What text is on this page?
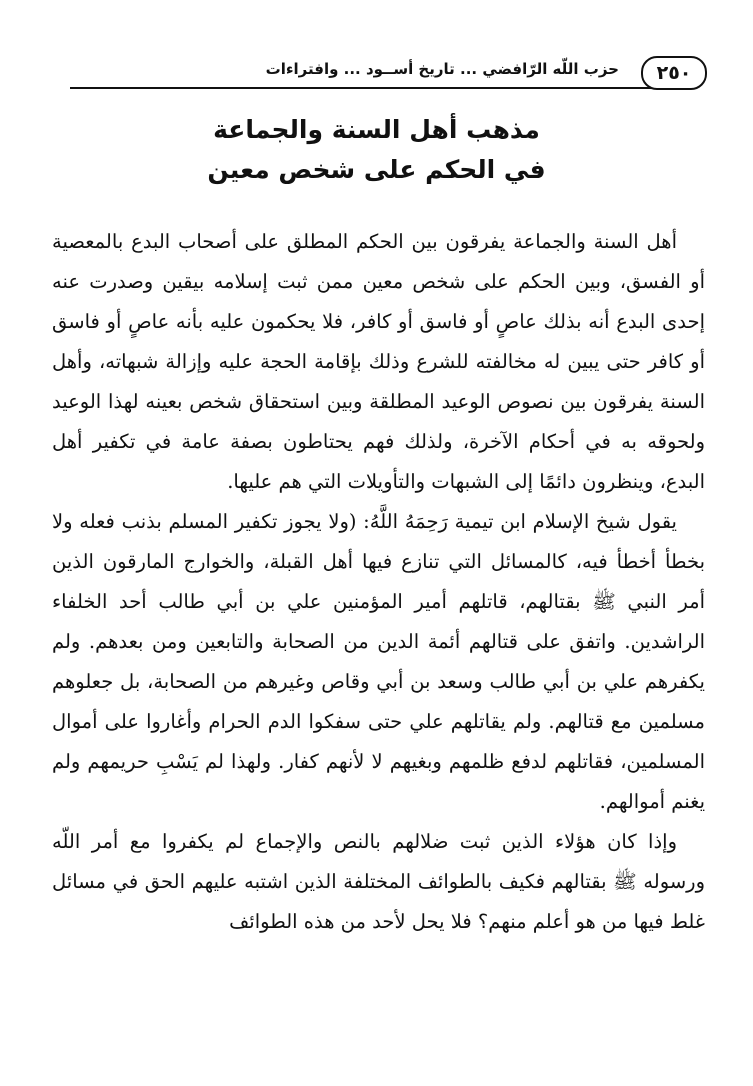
٢٥٠
حزب اللّه الرّافضي ... تاريخ أســود ... وافتراءات
مذهب أهل السنة والجماعة
في الحكم على شخص معين

أهل السنة والجماعة يفرقون بين الحكم المطلق على أصحاب البدع بالمعصية أو الفسق، وبين الحكم على شخص معين ممن ثبت إسلامه بيقين وصدرت عنه إحدى البدع أنه بذلك عاصٍ أو فاسق أو كافر، فلا يحكمون عليه بأنه عاصٍ أو فاسق أو كافر حتى يبين له مخالفته للشرع وذلك بإقامة الحجة عليه وإزالة شبهاته، وأهل السنة يفرقون بين نصوص الوعيد المطلقة وبين استحقاق شخص بعينه لهذا الوعيد ولحوقه به في أحكام الآخرة، ولذلك فهم يحتاطون بصفة عامة في تكفير أهل البدع، وينظرون دائمًا إلى الشبهات والتأويلات التي هم عليها.

يقول شيخ الإسلام ابن تيمية رَحِمَهُ اللَّهُ: (ولا يجوز تكفير المسلم بذنب فعله ولا بخطأ أخطأ فيه، كالمسائل التي تنازع فيها أهل القبلة، والخوارج المارقون الذين أمر النبي ﷺ بقتالهم، قاتلهم أمير المؤمنين علي بن أبي طالب أحد الخلفاء الراشدين. واتفق على قتالهم أئمة الدين من الصحابة والتابعين ومن بعدهم. ولم يكفرهم علي بن أبي طالب وسعد بن أبي وقاص وغيرهم من الصحابة، بل جعلوهم مسلمين مع قتالهم. ولم يقاتلهم علي حتى سفكوا الدم الحرام وأغاروا على أموال المسلمين، فقاتلهم لدفع ظلمهم وبغيهم لا لأنهم كفار. ولهذا لم يَسْبِ حريمهم ولم يغنم أموالهم.

وإذا كان هؤلاء الذين ثبت ضلالهم بالنص والإجماع لم يكفروا مع أمر اللّه ورسوله ﷺ بقتالهم فكيف بالطوائف المختلفة الذين اشتبه عليهم الحق في مسائل غلط فيها من هو أعلم منهم؟ فلا يحل لأحد من هذه الطوائف
